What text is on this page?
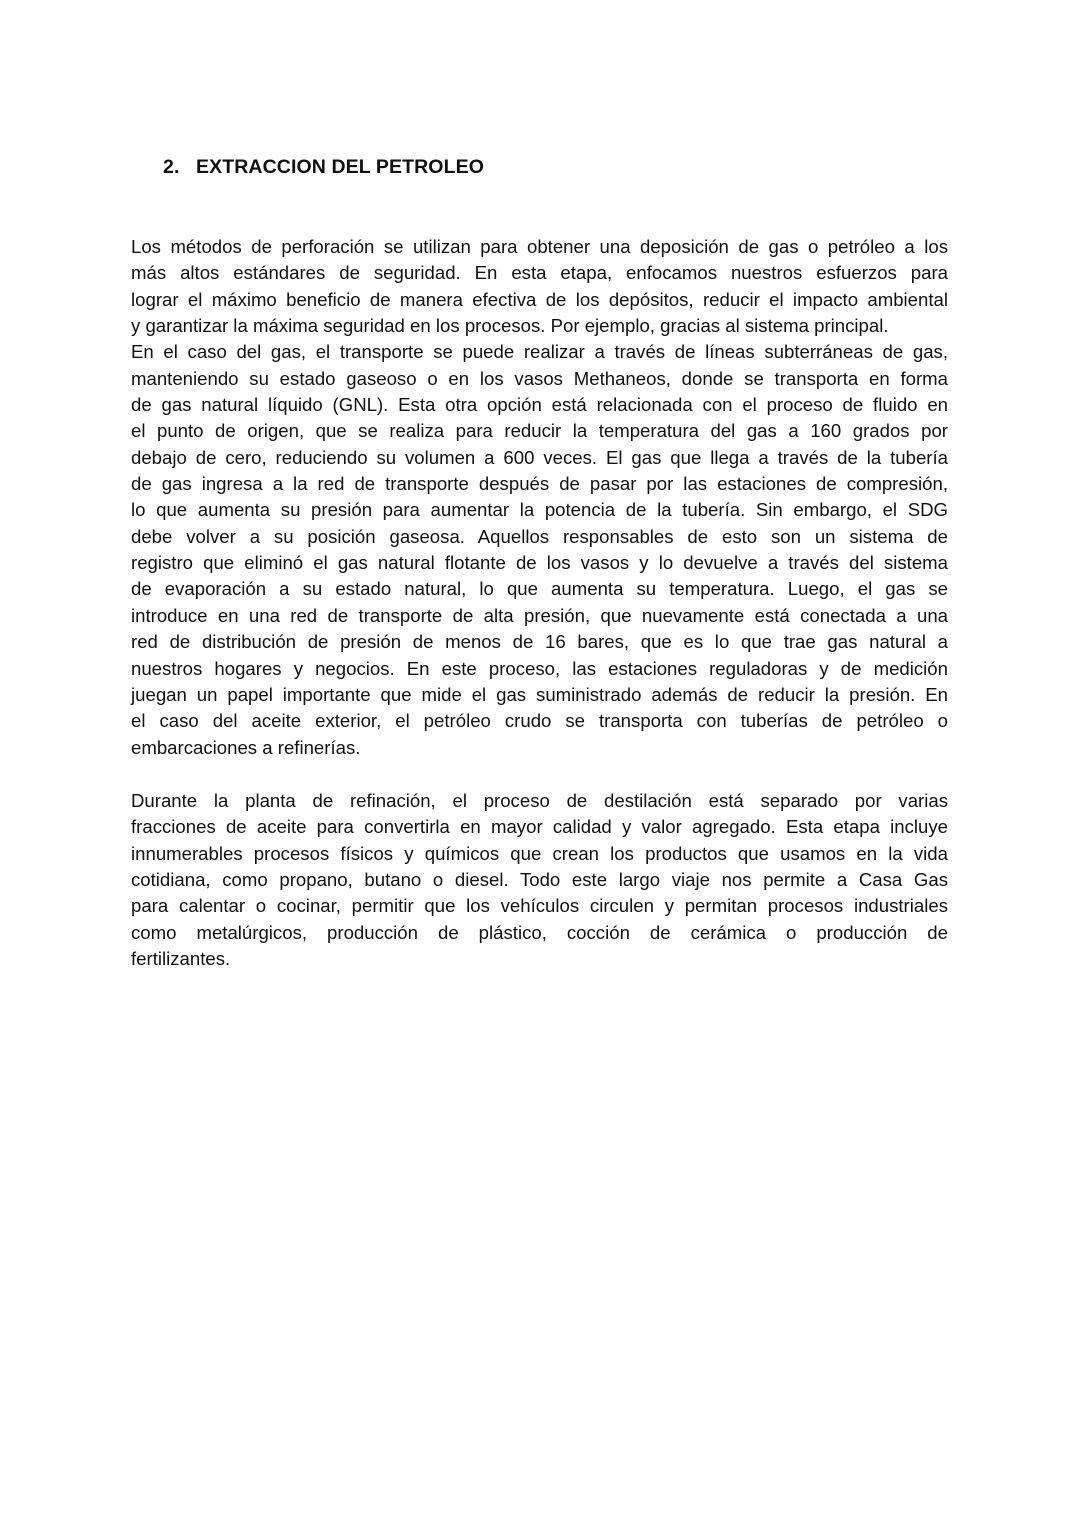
2. EXTRACCION DEL PETROLEO
Los métodos de perforación se utilizan para obtener una deposición de gas o petróleo a los
más altos estándares de seguridad. En esta etapa, enfocamos nuestros esfuerzos para
lograr el máximo beneficio de manera efectiva de los depósitos, reducir el impacto ambiental
y garantizar la máxima seguridad en los procesos. Por ejemplo, gracias al sistema principal.
En el caso del gas, el transporte se puede realizar a través de líneas subterráneas de gas,
manteniendo su estado gaseoso o en los vasos Methaneos, donde se transporta en forma
de gas natural líquido (GNL). Esta otra opción está relacionada con el proceso de fluido en
el punto de origen, que se realiza para reducir la temperatura del gas a 160 grados por
debajo de cero, reduciendo su volumen a 600 veces. El gas que llega a través de la tubería
de gas ingresa a la red de transporte después de pasar por las estaciones de compresión,
lo que aumenta su presión para aumentar la potencia de la tubería. Sin embargo, el SDG
debe volver a su posición gaseosa. Aquellos responsables de esto son un sistema de
registro que eliminó el gas natural flotante de los vasos y lo devuelve a través del sistema
de evaporación a su estado natural, lo que aumenta su temperatura. Luego, el gas se
introduce en una red de transporte de alta presión, que nuevamente está conectada a una
red de distribución de presión de menos de 16 bares, que es lo que trae gas natural a
nuestros hogares y negocios. En este proceso, las estaciones reguladoras y de medición
juegan un papel importante que mide el gas suministrado además de reducir la presión. En
el caso del aceite exterior, el petróleo crudo se transporta con tuberías de petróleo o
embarcaciones a refinerías.
Durante la planta de refinación, el proceso de destilación está separado por varias
fracciones de aceite para convertirla en mayor calidad y valor agregado. Esta etapa incluye
innumerables procesos físicos y químicos que crean los productos que usamos en la vida
cotidiana, como propano, butano o diesel. Todo este largo viaje nos permite a Casa Gas
para calentar o cocinar, permitir que los vehículos circulen y permitan procesos industriales
como metalúrgicos, producción de plástico, cocción de cerámica o producción de
fertilizantes.
